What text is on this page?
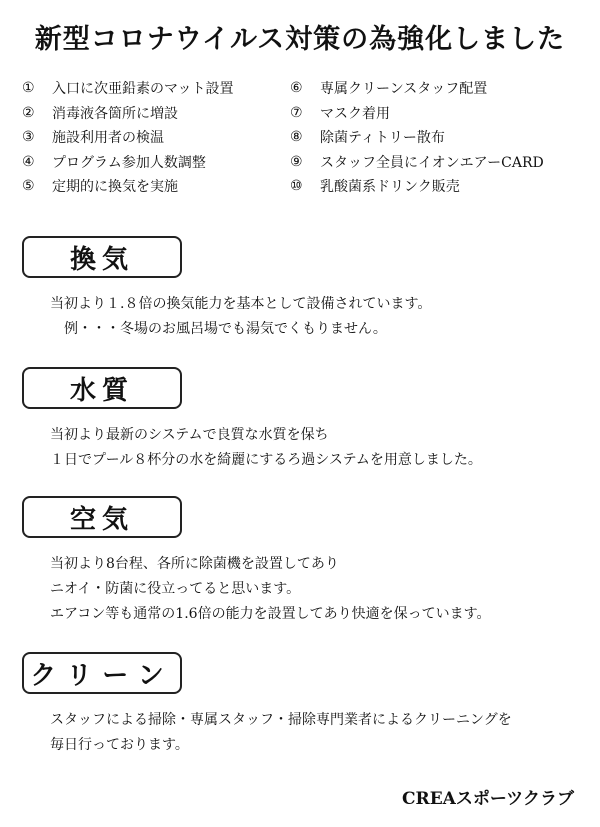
新型コロナウイルス対策の為強化しました
①	入口に次亜鉛素のマット設置	⑥	専属クリーンスタッフ配置
②	消毒液各箇所に増設	⑦	マスク着用
③	施設利用者の検温	⑧	除菌ティトリー散布
④	プログラム参加人数調整	⑨	スタッフ全員にイオンエアーCARD
⑤	定期的に換気を実施	⑩	乳酸菌系ドリンク販売
換気
当初より１.８倍の換気能力を基本として設備されています。
例・・・冬場のお風呂場でも湯気でくもりません。
水質
当初より最新のシステムで良質な水質を保ち
１日でプール８杯分の水を綺麗にするろ過システムを用意しました。
空気
当初より8台程、各所に除菌機を設置してあり
ニオイ・防菌に役立ってると思います。
エアコン等も通常の1.6倍の能力を設置してあり快適を保っています。
クリーン
スタッフによる掃除・専属スタッフ・掃除専門業者によるクリーニングを
毎日行っております。
CREAスポーツクラブ
